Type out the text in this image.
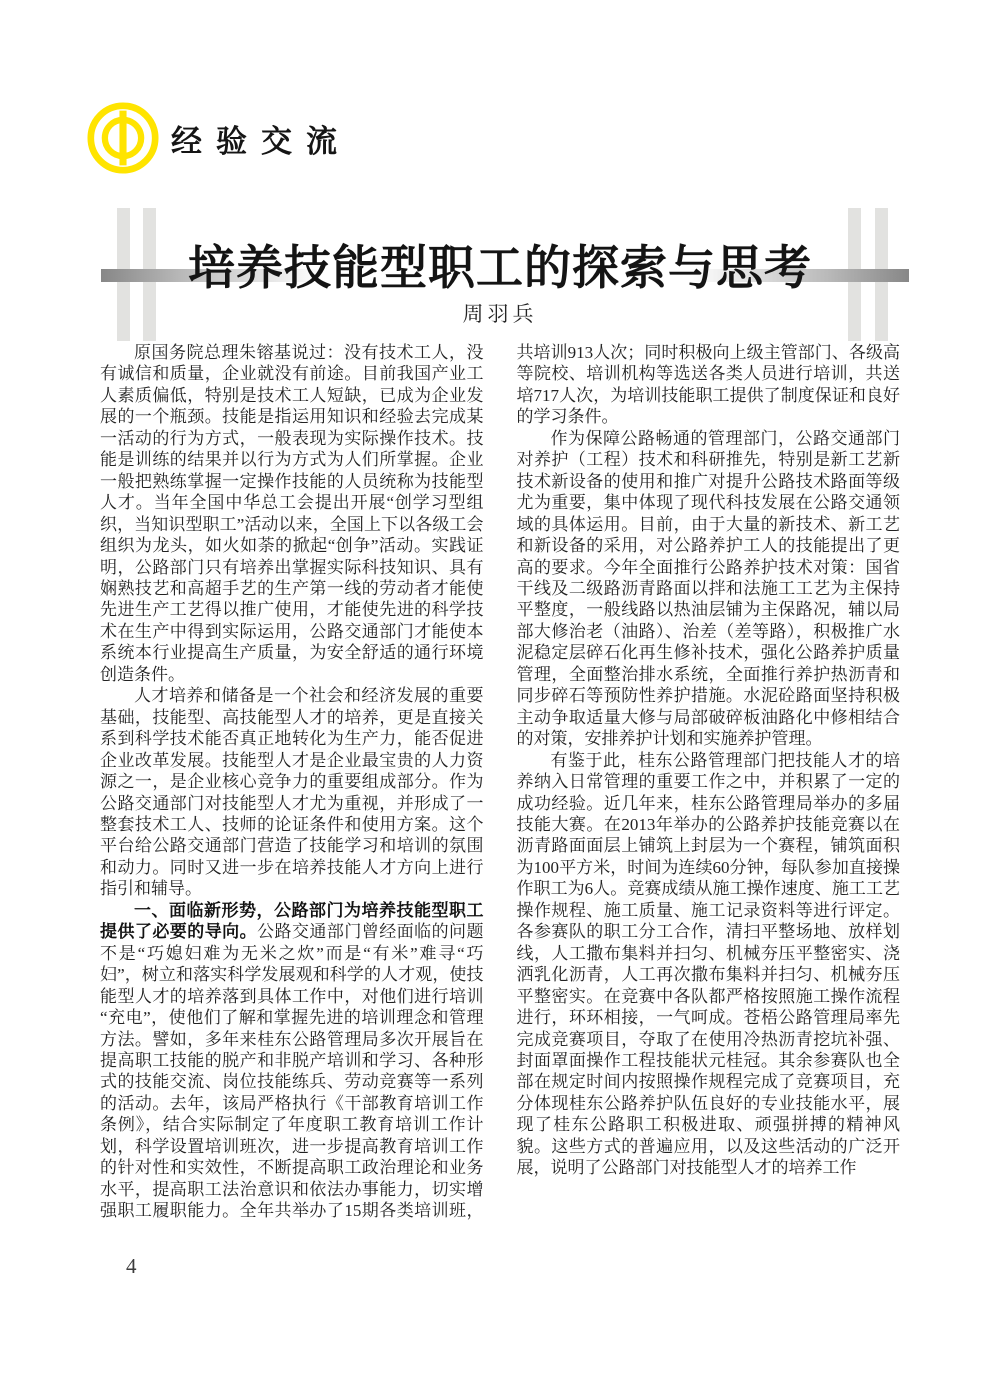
经验交流
培养技能型职工的探索与思考
周羽兵

原国务院总理朱镕基说过：没有技术工人，没有诚信和质量，企业就没有前途。目前我国产业工人素质偏低，特别是技术工人短缺，已成为企业发展的一个瓶颈。技能是指运用知识和经验去完成某一活动的行为方式，一般表现为实际操作技术。技能是训练的结果并以行为方式为人们所掌握。企业一般把熟练掌握一定操作技能的人员统称为技能型人才。当年全国中华总工会提出开展“创学习型组织，当知识型职工”活动以来，全国上下以各级工会组织为龙头，如火如荼的掀起“创争”活动。实践证明，公路部门只有培养出掌握实际科技知识、具有娴熟技艺和高超手艺的生产第一线的劳动者才能使先进生产工艺得以推广使用，才能使先进的科学技术在生产中得到实际运用，公路交通部门才能使本系统本行业提高生产质量，为安全舒适的通行环境创造条件。

人才培养和储备是一个社会和经济发展的重要基础，技能型、高技能型人才的培养，更是直接关系到科学技术能否真正地转化为生产力，能否促进企业改革发展。技能型人才是企业最宝贵的人力资源之一，是企业核心竞争力的重要组成部分。作为公路交通部门对技能型人才尤为重视，并形成了一整套技术工人、技师的论证条件和使用方案。这个平台给公路交通部门营造了技能学习和培训的氛围和动力。同时又进一步在培养技能人才方向上进行指引和辅导。

一、面临新形势，公路部门为培养技能型职工提供了必要的导向。公路交通部门曾经面临的问题不是“巧媳妇难为无米之炊”而是“有米”难寻“巧妇”，树立和落实科学发展观和科学的人才观，使技能型人才的培养落到具体工作中，对他们进行培训“充电”，使他们了解和掌握先进的培训理念和管理方法。譬如，多年来桂东公路管理局多次开展旨在提高职工技能的脱产和非脱产培训和学习、各种形式的技能交流、岗位技能练兵、劳动竞赛等一系列的活动。去年，该局严格执行《干部教育培训工作条例》，结合实际制定了年度职工教育培训工作计划，科学设置培训班次，进一步提高教育培训工作的针对性和实效性，不断提高职工政治理论和业务水平，提高职工法治意识和依法办事能力，切实增强职工履职能力。全年共举办了15期各类培训班，共培训913人次；同时积极向上级主管部门、各级高等院校、培训机构等选送各类人员进行培训，共送培717人次，为培训技能职工提供了制度保证和良好的学习条件。

作为保障公路畅通的管理部门，公路交通部门对养护（工程）技术和科研推先，特别是新工艺新技术新设备的使用和推广对提升公路技术路面等级尤为重要，集中体现了现代科技发展在公路交通领域的具体运用。目前，由于大量的新技术、新工艺和新设备的采用，对公路养护工人的技能提出了更高的要求。今年全面推行公路养护技术对策：国省干线及二级路沥青路面以拌和法施工工艺为主保持平整度，一般线路以热油层铺为主保路况，辅以局部大修治老（油路）、治差（差等路），积极推广水泥稳定层碎石化再生修补技术，强化公路养护质量管理，全面整治排水系统，全面推行养护热沥青和同步碎石等预防性养护措施。水泥砼路面坚持积极主动争取适量大修与局部破碎板油路化中修相结合的对策，安排养护计划和实施养护管理。

有鉴于此，桂东公路管理部门把技能人才的培养纳入日常管理的重要工作之中，并积累了一定的成功经验。近几年来，桂东公路管理局举办的多届技能大赛。在2013年举办的公路养护技能竞赛以在沥青路面面层上铺筑上封层为一个赛程，铺筑面积为100平方米，时间为连续60分钟，每队参加直接操作职工为6人。竞赛成绩从施工操作速度、施工工艺操作规程、施工质量、施工记录资料等进行评定。各参赛队的职工分工合作，清扫平整场地、放样划线，人工撒布集料并扫匀、机械夯压平整密实、浇洒乳化沥青，人工再次撒布集料并扫匀、机械夯压平整密实。在竞赛中各队都严格按照施工操作流程进行，环环相接，一气呵成。苍梧公路管理局率先完成竞赛项目，夺取了在使用冷热沥青挖坑补强、封面罩面操作工程技能状元桂冠。其余参赛队也全部在规定时间内按照操作规程完成了竞赛项目，充分体现桂东公路养护队伍良好的专业技能水平，展现了桂东公路职工积极进取、顽强拼搏的精神风貌。这些方式的普遍应用，以及这些活动的广泛开展，说明了公路部门对技能型人才的培养工作

4
